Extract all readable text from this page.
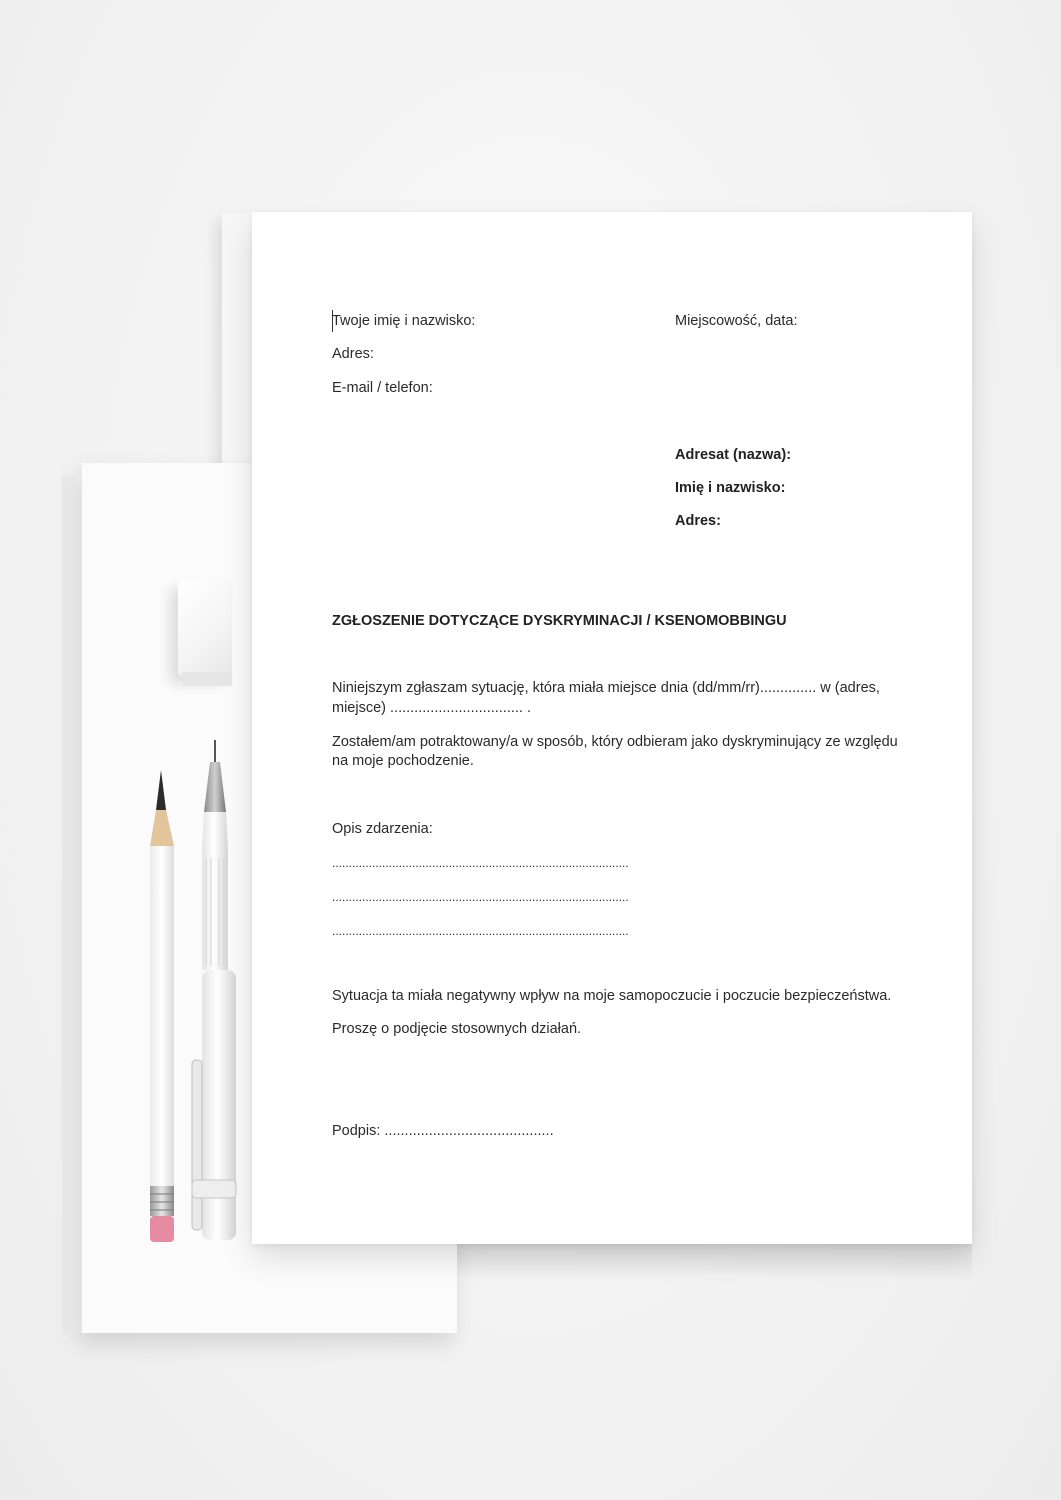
Twoje imię i nazwisko:
Adres:
E-mail / telefon:
Miejscowość, data:
Adresat (nazwa):
Imię i nazwisko:
Adres:
ZGŁOSZENIE DOTYCZĄCE DYSKRYMINACJI / KSENOMOBBINGU
Niniejszym zgłaszam sytuację, która miała miejsce dnia (dd/mm/rr).............. w (adres,
miejsce) ................................. .
Zostałem/am potraktowany/a w sposób, który odbieram jako dyskryminujący ze względu
na moje pochodzenie.
Opis zdarzenia:
.........................................................................................
.........................................................................................
.........................................................................................
Sytuacja ta miała negatywny wpływ na moje samopoczucie i poczucie bezpieczeństwa.
Proszę o podjęcie stosownych działań.
Podpis: ..........................................
